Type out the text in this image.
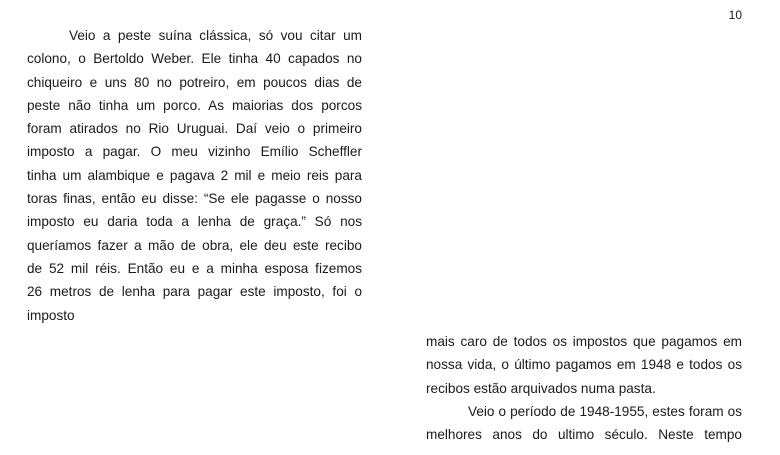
10
Veio a peste suína clássica, só vou citar um
colono, o Bertoldo Weber. Ele tinha 40 capados no
chiqueiro e uns 80 no potreiro, em poucos dias de
peste não tinha um porco. As maiorias dos porcos
foram atirados no Rio Uruguai. Daí veio o primeiro
imposto a pagar. O meu vizinho Emílio Scheffler
tinha um alambique e pagava 2 mil e meio reis para
toras finas, então eu disse: “Se ele pagasse o nosso
imposto eu daria toda a lenha de graça.” Só nos
queríamos fazer a mão de obra, ele deu este recibo
de 52 mil réis. Então eu e a minha esposa fizemos
26 metros de lenha para pagar este imposto, foi o
imposto
mais caro de todos os impostos que pagamos em
nossa vida, o último pagamos em 1948 e todos os
recibos estão arquivados numa pasta.
Veio o período de 1948-1955, estes foram os
melhores anos do ultimo século. Neste tempo
